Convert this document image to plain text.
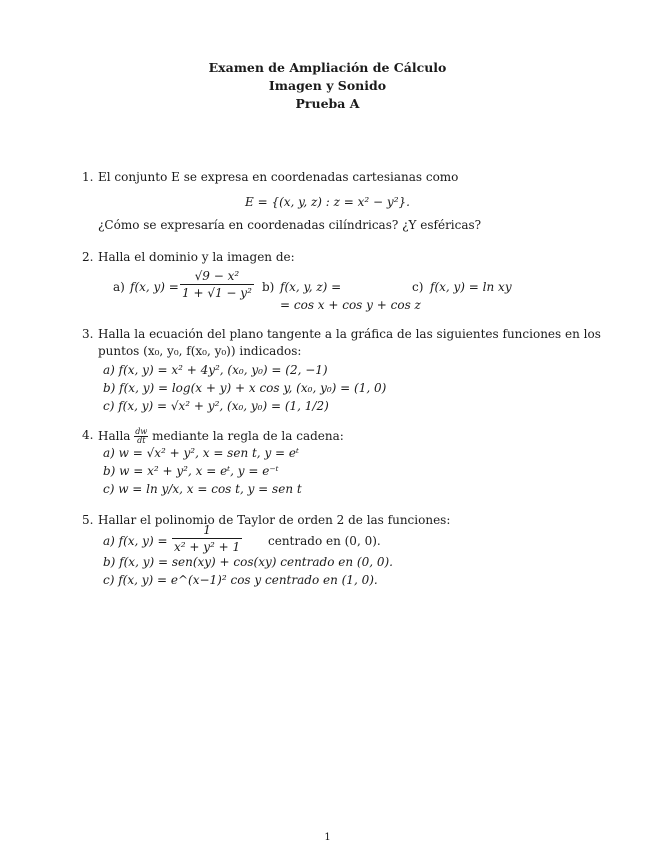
Examen de Ampliación de Cálculo
Imagen y Sonido
Prueba A
1. El conjunto E se expresa en coordenadas cartesianas como
E = {(x, y, z) : z = x² − y²}.
¿Cómo se expresaría en coordenadas cilíndricas? ¿Y esféricas?
2. Halla el dominio y la imagen de:
a) f(x, $y) = \frac{\text{√9 − x²}}{\text{1 + √1 − y²}} b$) f(x, y, z) =
= cos x + cos y + cos z
c) f(x, y) = ln xy
3. Halla la ecuación del plano tangente a la gráfica de las siguientes funciones en los
puntos (x₀, y₀, f(x₀, y₀)) indicados:
a) f(x, y) = x² + 4y², (x₀, y₀) = (2, −1)
b) f(x, y) = log(x + y) + x cos y, (x₀, y₀) = (1, 0)
c) f(x, y) = √x² + y², (x₀, y₀) = (1, 1/2)
4. Halla $\frac{dw}{dt}$ mediante la regla de la cadena:
a) w = √x² + y², x = sen t, y = eᵗ
b) w = x² + y², x = eᵗ, y = e⁻ᵗ
c) w = ln y/x, x = cos t, y = sen t
5. Hallar el polinomio de Taylor de orden 2 de las funciones:
a) f(x, $y) = \frac{1}{\text{x² + y² + 1}}$ centrado en (0, 0).
b) f(x, y) = sen(xy) + cos(xy) centrado en (0, 0).
c) f(x, y) = e^(x−1)² cos y centrado en (1, 0).
1
